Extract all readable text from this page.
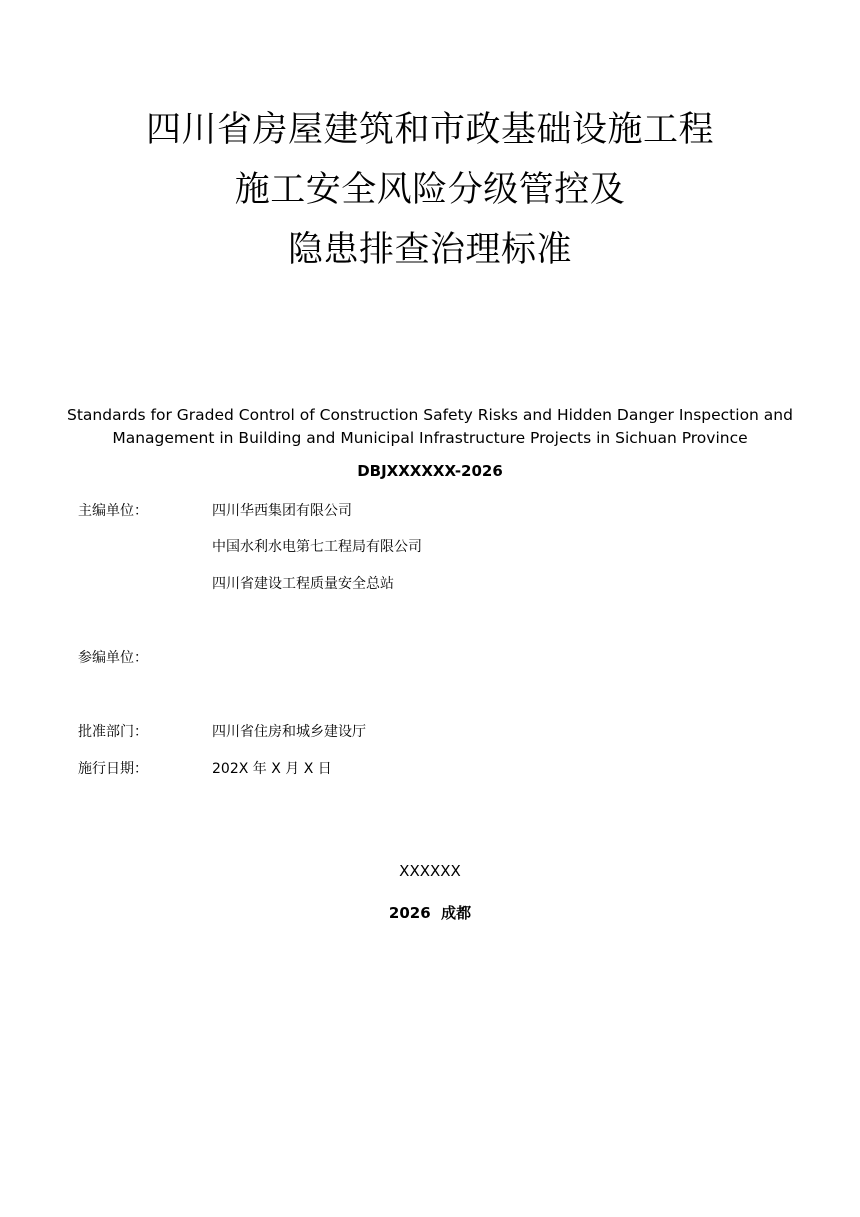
四川省房屋建筑和市政基础设施工程
施工安全风险分级管控及
隐患排查治理标准
Standards for Graded Control of Construction Safety Risks and Hidden Danger Inspection and Management in Building and Municipal Infrastructure Projects in Sichuan Province
DBJXXXXXX-2026
主编单位：	四川华西集团有限公司
中国水利水电第七工程局有限公司
四川省建设工程质量安全总站
参编单位：
批准部门：	四川省住房和城乡建设厅
施行日期：	202X 年 X 月 X 日
XXXXXX
2026  成都
